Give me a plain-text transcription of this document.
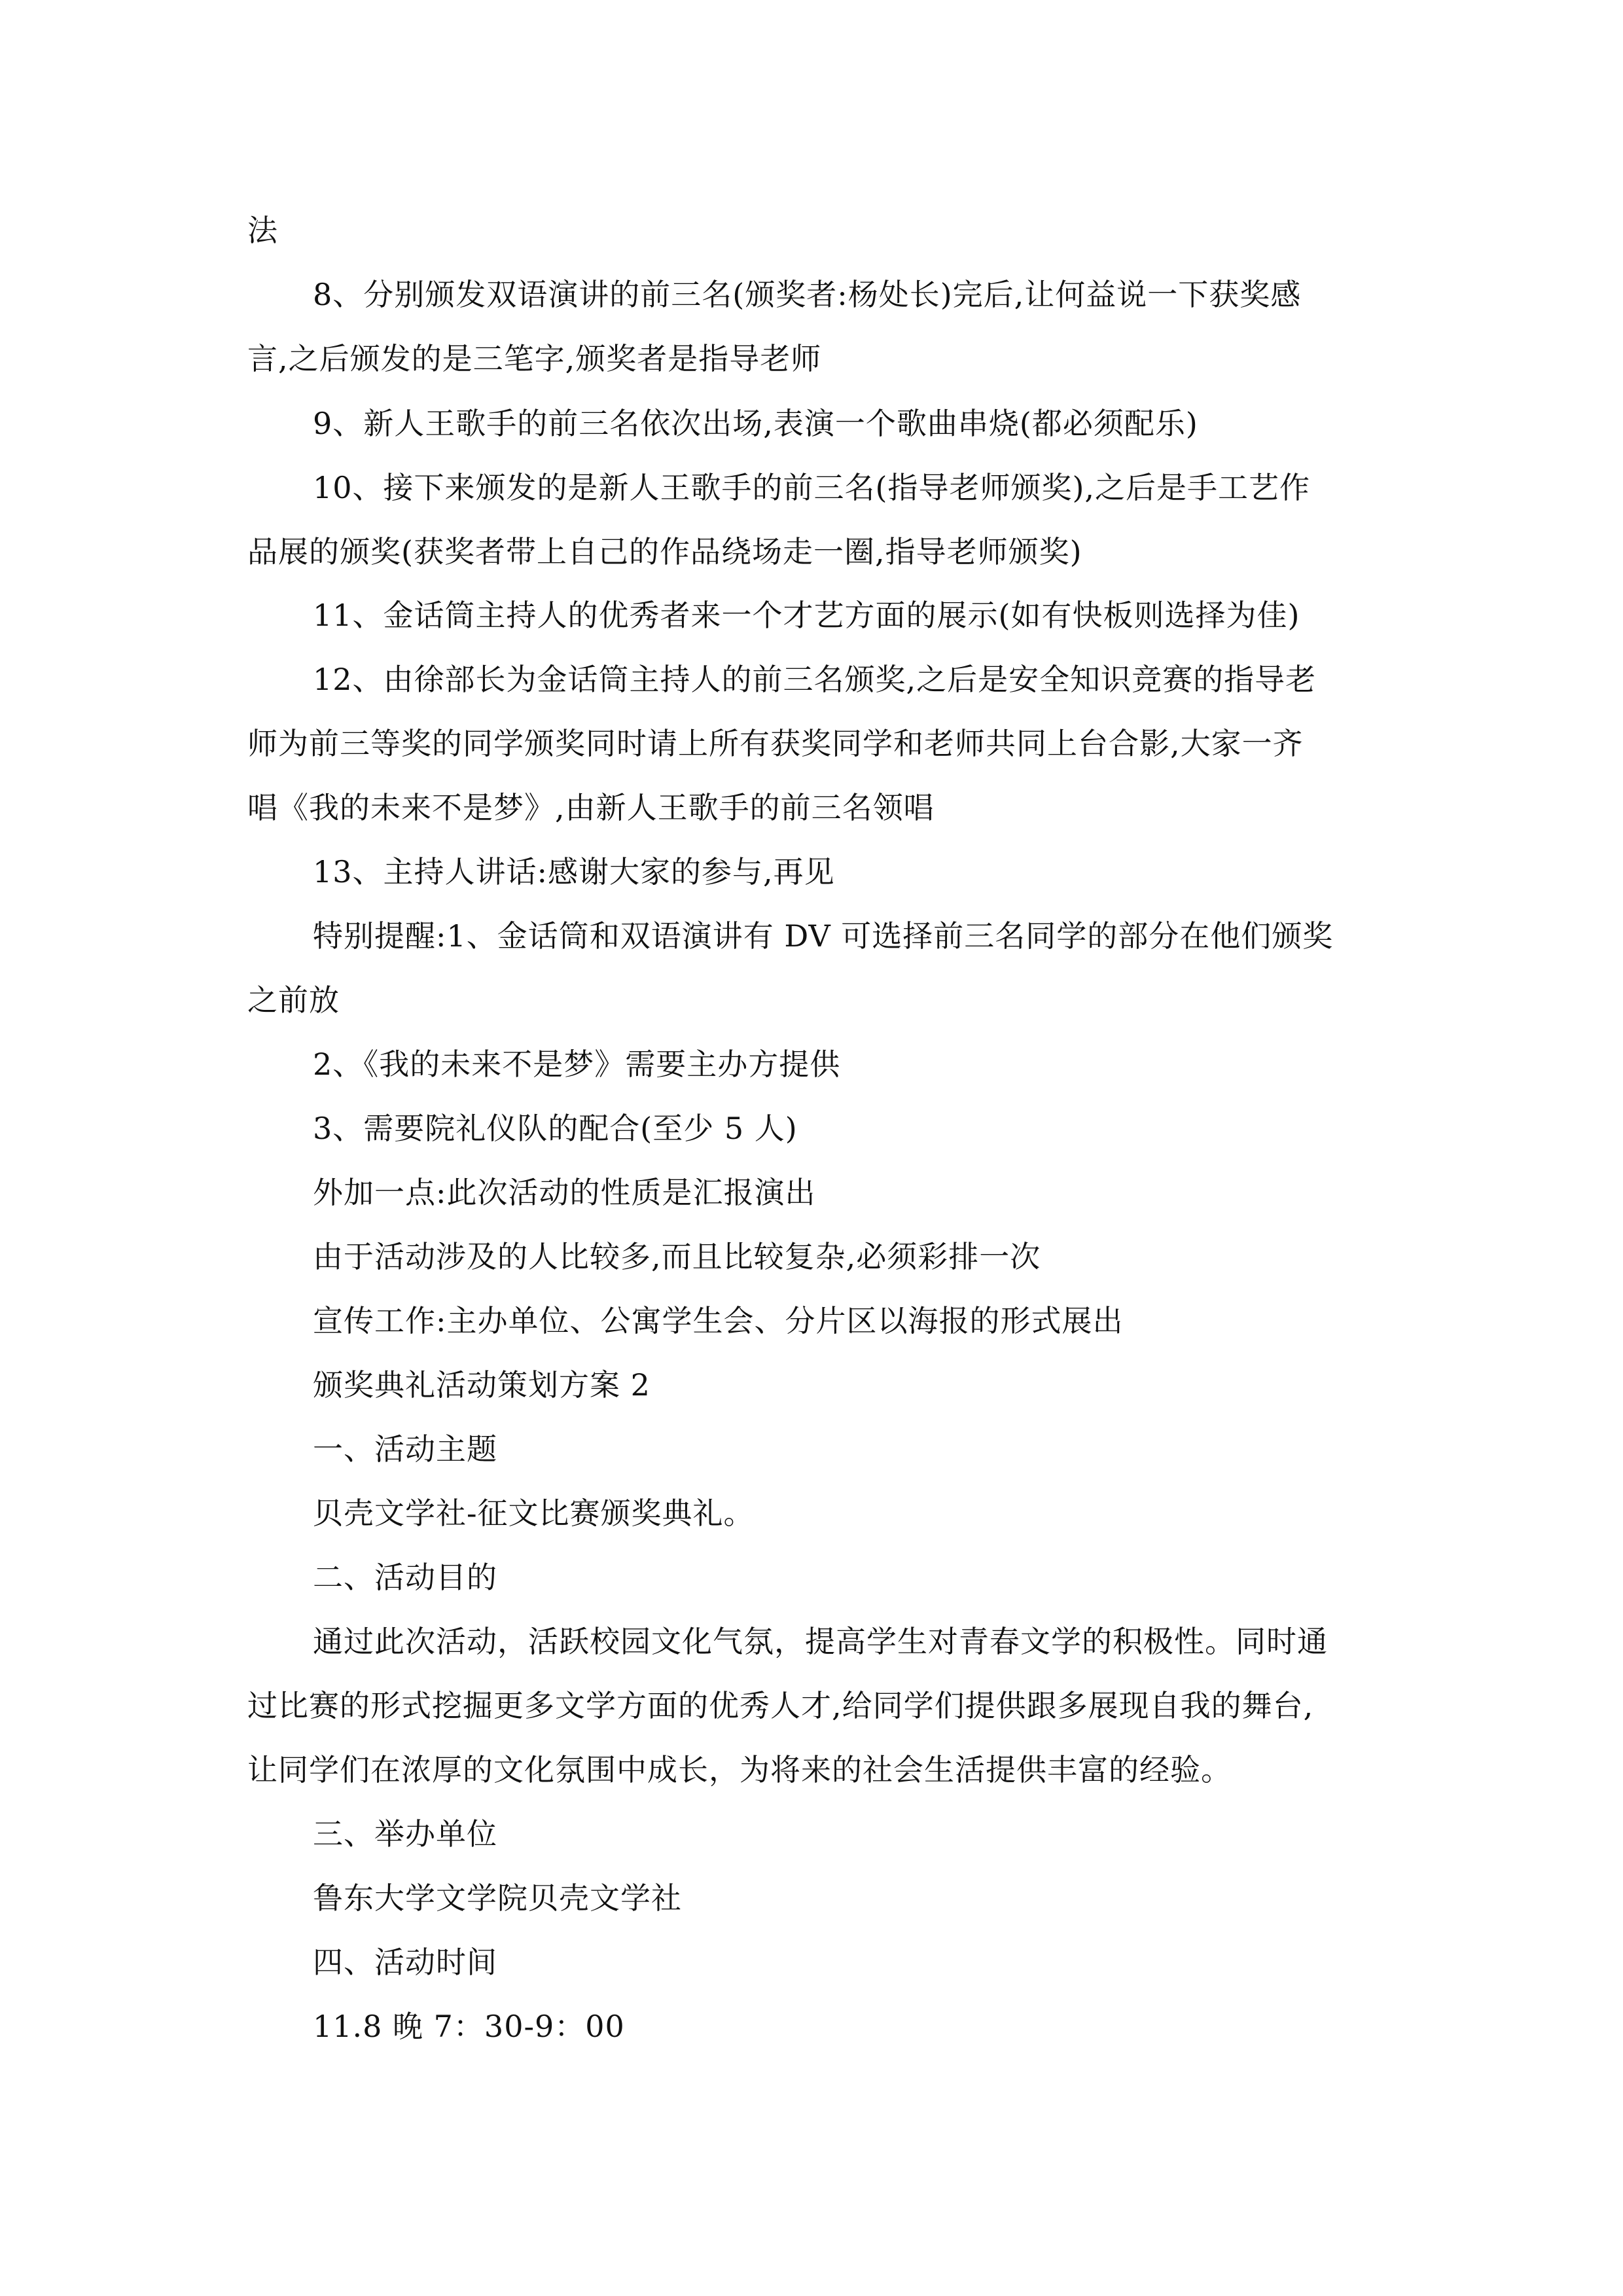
法
8、分别颁发双语演讲的前三名(颁奖者:杨处长)完后,让何益说一下获奖感
言,之后颁发的是三笔字,颁奖者是指导老师
9、新人王歌手的前三名依次出场,表演一个歌曲串烧(都必须配乐)
10、接下来颁发的是新人王歌手的前三名(指导老师颁奖),之后是手工艺作
品展的颁奖(获奖者带上自己的作品绕场走一圈,指导老师颁奖)
11、金话筒主持人的优秀者来一个才艺方面的展示(如有快板则选择为佳)
12、由徐部长为金话筒主持人的前三名颁奖,之后是安全知识竞赛的指导老
师为前三等奖的同学颁奖同时请上所有获奖同学和老师共同上台合影,大家一齐
唱《我的未来不是梦》,由新人王歌手的前三名领唱
13、主持人讲话:感谢大家的参与,再见
特别提醒:1、金话筒和双语演讲有 DV 可选择前三名同学的部分在他们颁奖
之前放
2、《我的未来不是梦》需要主办方提供
3、需要院礼仪队的配合(至少 5 人)
外加一点:此次活动的性质是汇报演出
由于活动涉及的人比较多,而且比较复杂,必须彩排一次
宣传工作:主办单位、公寓学生会、分片区以海报的形式展出
颁奖典礼活动策划方案 2
一、活动主题
贝壳文学社-征文比赛颁奖典礼。
二、活动目的
通过此次活动，活跃校园文化气氛，提高学生对青春文学的积极性。同时通
过比赛的形式挖掘更多文学方面的优秀人才,给同学们提供跟多展现自我的舞台,
让同学们在浓厚的文化氛围中成长，为将来的社会生活提供丰富的经验。
三、举办单位
鲁东大学文学院贝壳文学社
四、活动时间
11.8 晚 7：30-9：00
